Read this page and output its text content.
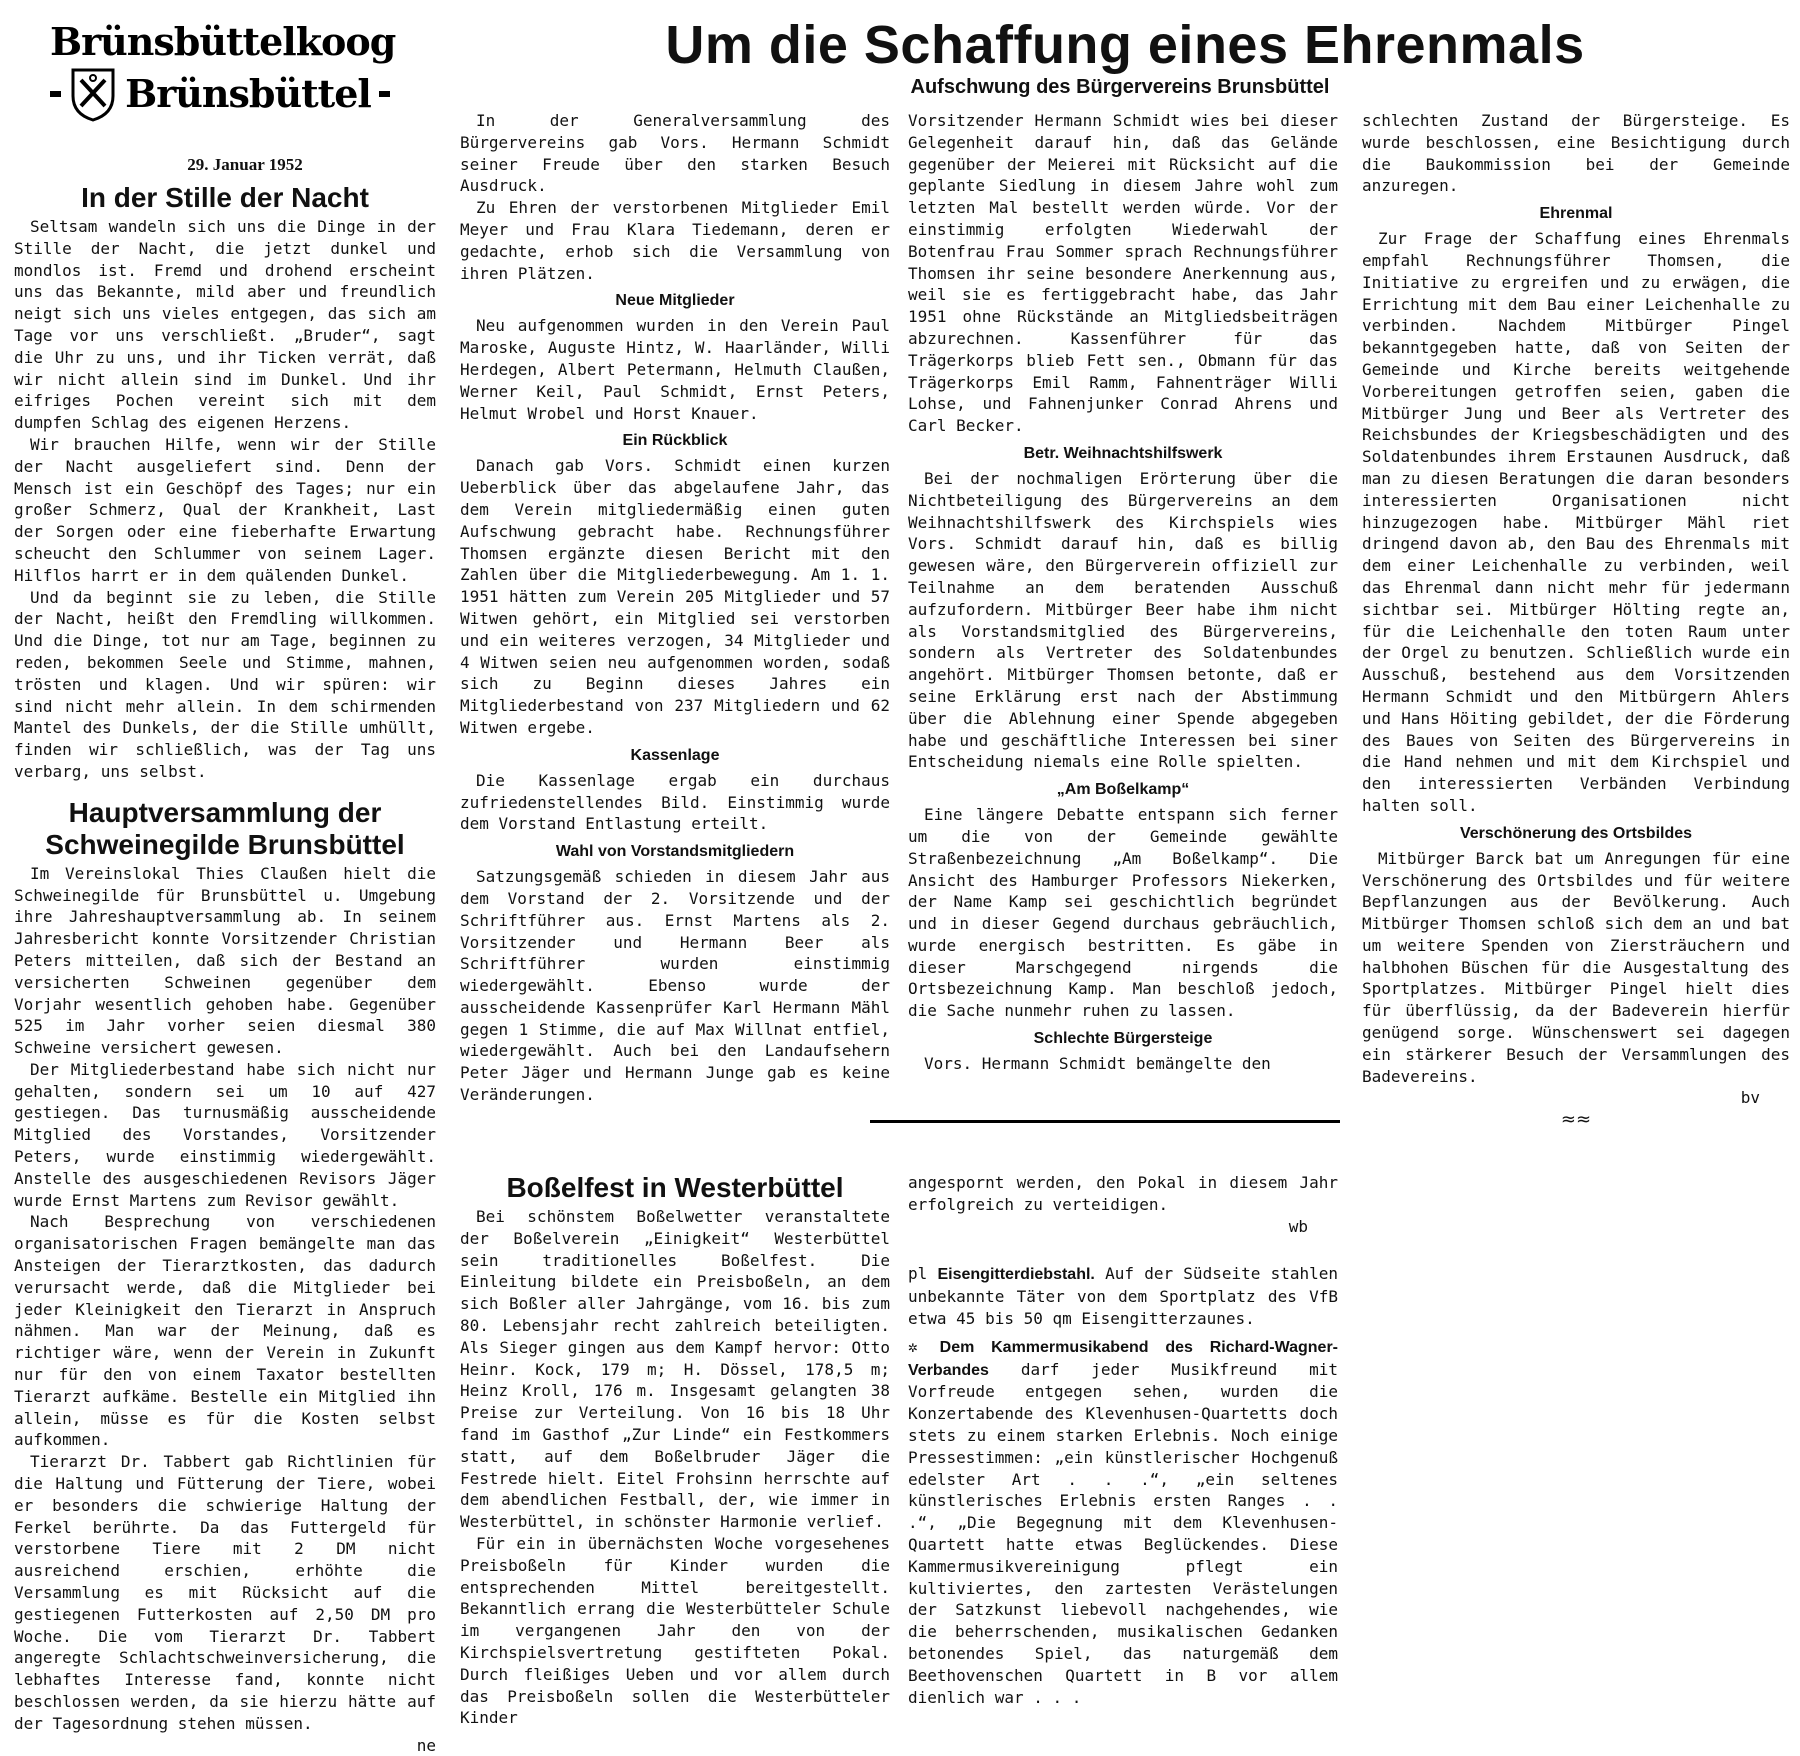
Brünsbüttelkoog
Brünsbüttel
29. Januar 1952
Um die Schaffung eines Ehrenmals
Aufschwung des Bürgervereins Brunsbüttel
In der Stille der Nacht

Seltsam wandeln sich uns die Dinge in der Stille der Nacht, die jetzt dunkel und mondlos ist. Fremd und drohend erscheint uns das Bekannte, mild aber und freundlich neigt sich uns vieles entgegen, das sich am Tage vor uns verschließt. „Bruder“, sagt die Uhr zu uns, und ihr Ticken verrät, daß wir nicht allein sind im Dunkel. Und ihr eifriges Pochen vereint sich mit dem dumpfen Schlag des eigenen Herzens.

Wir brauchen Hilfe, wenn wir der Stille der Nacht ausgeliefert sind. Denn der Mensch ist ein Geschöpf des Tages; nur ein großer Schmerz, Qual der Krankheit, Last der Sorgen oder eine fieberhafte Erwartung scheucht den Schlummer von seinem Lager. Hilflos harrt er in dem quälenden Dunkel.

Und da beginnt sie zu leben, die Stille der Nacht, heißt den Fremdling willkommen. Und die Dinge, tot nur am Tage, beginnen zu reden, bekommen Seele und Stimme, mahnen, trösten und klagen. Und wir spüren: wir sind nicht mehr allein. In dem schirmenden Mantel des Dunkels, der die Stille umhüllt, finden wir schließlich, was der Tag uns verbarg, uns selbst.

Hauptversammlung der Schweinegilde Brunsbüttel

Im Vereinslokal Thies Claußen hielt die Schweinegilde für Brunsbüttel u. Umgebung ihre Jahreshauptversammlung ab. In seinem Jahresbericht konnte Vorsitzender Christian Peters mitteilen, daß sich der Bestand an versicherten Schweinen gegenüber dem Vorjahr wesentlich gehoben habe. Gegenüber 525 im Jahr vorher seien diesmal 380 Schweine versichert gewesen.

Der Mitgliederbestand habe sich nicht nur gehalten, sondern sei um 10 auf 427 gestiegen. Das turnusmäßig ausscheidende Mitglied des Vorstandes, Vorsitzender Peters, wurde einstimmig wiedergewählt. Anstelle des ausgeschiedenen Revisors Jäger wurde Ernst Martens zum Revisor gewählt.

Nach Besprechung von verschiedenen organisatorischen Fragen bemängelte man das Ansteigen der Tierarztkosten, das dadurch verursacht werde, daß die Mitglieder bei jeder Kleinigkeit den Tierarzt in Anspruch nähmen. Man war der Meinung, daß es richtiger wäre, wenn der Verein in Zukunft nur für den von einem Taxator bestellten Tierarzt aufkäme. Bestelle ein Mitglied ihn allein, müsse es für die Kosten selbst aufkommen.

Tierarzt Dr. Tabbert gab Richtlinien für die Haltung und Fütterung der Tiere, wobei er besonders die schwierige Haltung der Ferkel berührte. Da das Futtergeld für verstorbene Tiere mit 2 DM nicht ausreichend erschien, erhöhte die Versammlung es mit Rücksicht auf die gestiegenen Futterkosten auf 2,50 DM pro Woche. Die vom Tierarzt Dr. Tabbert angeregte Schlachtschweinversicherung, die lebhaftes Interesse fand, konnte nicht beschlossen werden, da sie hierzu hätte auf der Tagesordnung stehen müssen.

ne

In der Generalversammlung des Bürgervereins gab Vors. Hermann Schmidt seiner Freude über den starken Besuch Ausdruck.

Zu Ehren der verstorbenen Mitglieder Emil Meyer und Frau Klara Tiedemann, deren er gedachte, erhob sich die Versammlung von ihren Plätzen.

Neue Mitglieder

Neu aufgenommen wurden in den Verein Paul Maroske, Auguste Hintz, W. Haarländer, Willi Herdegen, Albert Petermann, Helmuth Claußen, Werner Keil, Paul Schmidt, Ernst Peters, Helmut Wrobel und Horst Knauer.

Ein Rückblick

Danach gab Vors. Schmidt einen kurzen Ueberblick über das abgelaufene Jahr, das dem Verein mitgliedermäßig einen guten Aufschwung gebracht habe. Rechnungsführer Thomsen ergänzte diesen Bericht mit den Zahlen über die Mitgliederbewegung. Am 1. 1. 1951 hätten zum Verein 205 Mitglieder und 57 Witwen gehört, ein Mitglied sei verstorben und ein weiteres verzogen, 34 Mitglieder und 4 Witwen seien neu aufgenommen worden, sodaß sich zu Beginn dieses Jahres ein Mitgliederbestand von 237 Mitgliedern und 62 Witwen ergebe.

Kassenlage

Die Kassenlage ergab ein durchaus zufriedenstellendes Bild. Einstimmig wurde dem Vorstand Entlastung erteilt.

Wahl von Vorstandsmitgliedern

Satzungsgemäß schieden in diesem Jahr aus dem Vorstand der 2. Vorsitzende und der Schriftführer aus. Ernst Martens als 2. Vorsitzender und Hermann Beer als Schriftführer wurden einstimmig wiedergewählt. Ebenso wurde der ausscheidende Kassenprüfer Karl Hermann Mähl gegen 1 Stimme, die auf Max Willnat entfiel, wiedergewählt. Auch bei den Landaufsehern Peter Jäger und Hermann Junge gab es keine Veränderungen.

Vorsitzender Hermann Schmidt wies bei dieser Gelegenheit darauf hin, daß das Gelände gegenüber der Meierei mit Rücksicht auf die geplante Siedlung in diesem Jahre wohl zum letzten Mal bestellt werden würde. Vor der einstimmig erfolgten Wiederwahl der Botenfrau Frau Sommer sprach Rechnungsführer Thomsen ihr seine besondere Anerkennung aus, weil sie es fertiggebracht habe, das Jahr 1951 ohne Rückstände an Mitgliedsbeiträgen abzurechnen. Kassenführer für das Trägerkorps blieb Fett sen., Obmann für das Trägerkorps Emil Ramm, Fahnenträger Willi Lohse, und Fahnenjunker Conrad Ahrens und Carl Becker.

Betr. Weihnachtshilfswerk

Bei der nochmaligen Erörterung über die Nichtbeteiligung des Bürgervereins an dem Weihnachtshilfswerk des Kirchspiels wies Vors. Schmidt darauf hin, daß es billig gewesen wäre, den Bürgerverein offiziell zur Teilnahme an dem beratenden Ausschuß aufzufordern. Mitbürger Beer habe ihm nicht als Vorstandsmitglied des Bürgervereins, sondern als Vertreter des Soldatenbundes angehört. Mitbürger Thomsen betonte, daß er seine Erklärung erst nach der Abstimmung über die Ablehnung einer Spende abgegeben habe und geschäftliche Interessen bei siner Entscheidung niemals eine Rolle spielten.

„Am Boßelkamp“

Eine längere Debatte entspann sich ferner um die von der Gemeinde gewählte Straßenbezeichnung „Am Boßelkamp“. Die Ansicht des Hamburger Professors Niekerken, der Name Kamp sei geschichtlich begründet und in dieser Gegend durchaus gebräuchlich, wurde energisch bestritten. Es gäbe in dieser Marschgegend nirgends die Ortsbezeichnung Kamp. Man beschloß jedoch, die Sache nunmehr ruhen zu lassen.

Schlechte Bürgersteige

Vors. Hermann Schmidt bemängelte den

schlechten Zustand der Bürgersteige. Es wurde beschlossen, eine Besichtigung durch die Baukommission bei der Gemeinde anzuregen.

Ehrenmal

Zur Frage der Schaffung eines Ehrenmals empfahl Rechnungsführer Thomsen, die Initiative zu ergreifen und zu erwägen, die Errichtung mit dem Bau einer Leichenhalle zu verbinden. Nachdem Mitbürger Pingel bekanntgegeben hatte, daß von Seiten der Gemeinde und Kirche bereits weitgehende Vorbereitungen getroffen seien, gaben die Mitbürger Jung und Beer als Vertreter des Reichsbundes der Kriegsbeschädigten und des Soldatenbundes ihrem Erstaunen Ausdruck, daß man zu diesen Beratungen die daran besonders interessierten Organisationen nicht hinzugezogen habe. Mitbürger Mähl riet dringend davon ab, den Bau des Ehrenmals mit dem einer Leichenhalle zu verbinden, weil das Ehrenmal dann nicht mehr für jedermann sichtbar sei. Mitbürger Hölting regte an, für die Leichenhalle den toten Raum unter der Orgel zu benutzen. Schließlich wurde ein Ausschuß, bestehend aus dem Vorsitzenden Hermann Schmidt und den Mitbürgern Ahlers und Hans Höiting gebildet, der die Förderung des Baues von Seiten des Bürgervereins in die Hand nehmen und mit dem Kirchspiel und den interessierten Verbänden Verbindung halten soll.

Verschönerung des Ortsbildes

Mitbürger Barck bat um Anregungen für eine Verschönerung des Ortsbildes und für weitere Bepflanzungen aus der Bevölkerung. Auch Mitbürger Thomsen schloß sich dem an und bat um weitere Spenden von Ziersträuchern und halbhohen Büschen für die Ausgestaltung des Sportplatzes. Mitbürger Pingel hielt dies für überflüssig, da der Badeverein hierfür genügend sorge. Wünschenswert sei dagegen ein stärkerer Besuch der Versammlungen des Badevereins.

bv
≈≈
Boßelfest in Westerbüttel

Bei schönstem Boßelwetter veranstaltete der Boßelverein „Einigkeit“ Westerbüttel sein traditionelles Boßelfest. Die Einleitung bildete ein Preisboßeln, an dem sich Boßler aller Jahrgänge, vom 16. bis zum 80. Lebensjahr recht zahlreich beteiligten. Als Sieger gingen aus dem Kampf hervor: Otto Heinr. Kock, 179 m; H. Dössel, 178,5 m; Heinz Kroll, 176 m. Insgesamt gelangten 38 Preise zur Verteilung. Von 16 bis 18 Uhr fand im Gasthof „Zur Linde“ ein Festkommers statt, auf dem Boßelbruder Jäger die Festrede hielt. Eitel Frohsinn herrschte auf dem abendlichen Festball, der, wie immer in Westerbüttel, in schönster Harmonie verlief.

Für ein in übernächsten Woche vorgesehenes Preisboßeln für Kinder wurden die entsprechenden Mittel bereitgestellt. Bekanntlich errang die Westerbütteler Schule im vergangenen Jahr den von der Kirchspielsvertretung gestifteten Pokal. Durch fleißiges Ueben und vor allem durch das Preisboßeln sollen die Westerbütteler Kinder

angespornt werden, den Pokal in diesem Jahr erfolgreich zu verteidigen.

wb

pl Eisengitterdiebstahl. Auf der Südseite stahlen unbekannte Täter von dem Sportplatz des VfB etwa 45 bis 50 qm Eisengitterzaunes.

✲ Dem Kammermusikabend des Richard-Wagner-Verbandes darf jeder Musikfreund mit Vorfreude entgegen sehen, wurden die Konzertabende des Klevenhusen-Quartetts doch stets zu einem starken Erlebnis. Noch einige Pressestimmen: „ein künstlerischer Hochgenuß edelster Art . . .“, „ein seltenes künstlerisches Erlebnis ersten Ranges . . .“, „Die Begegnung mit dem Klevenhusen-Quartett hatte etwas Beglückendes. Diese Kammermusikvereinigung pflegt ein kultiviertes, den zartesten Verästelungen der Satzkunst liebevoll nachgehendes, wie die beherrschenden, musikalischen Gedanken betonendes Spiel, das naturgemäß dem Beethovenschen Quartett in B vor allem dienlich war . . .
